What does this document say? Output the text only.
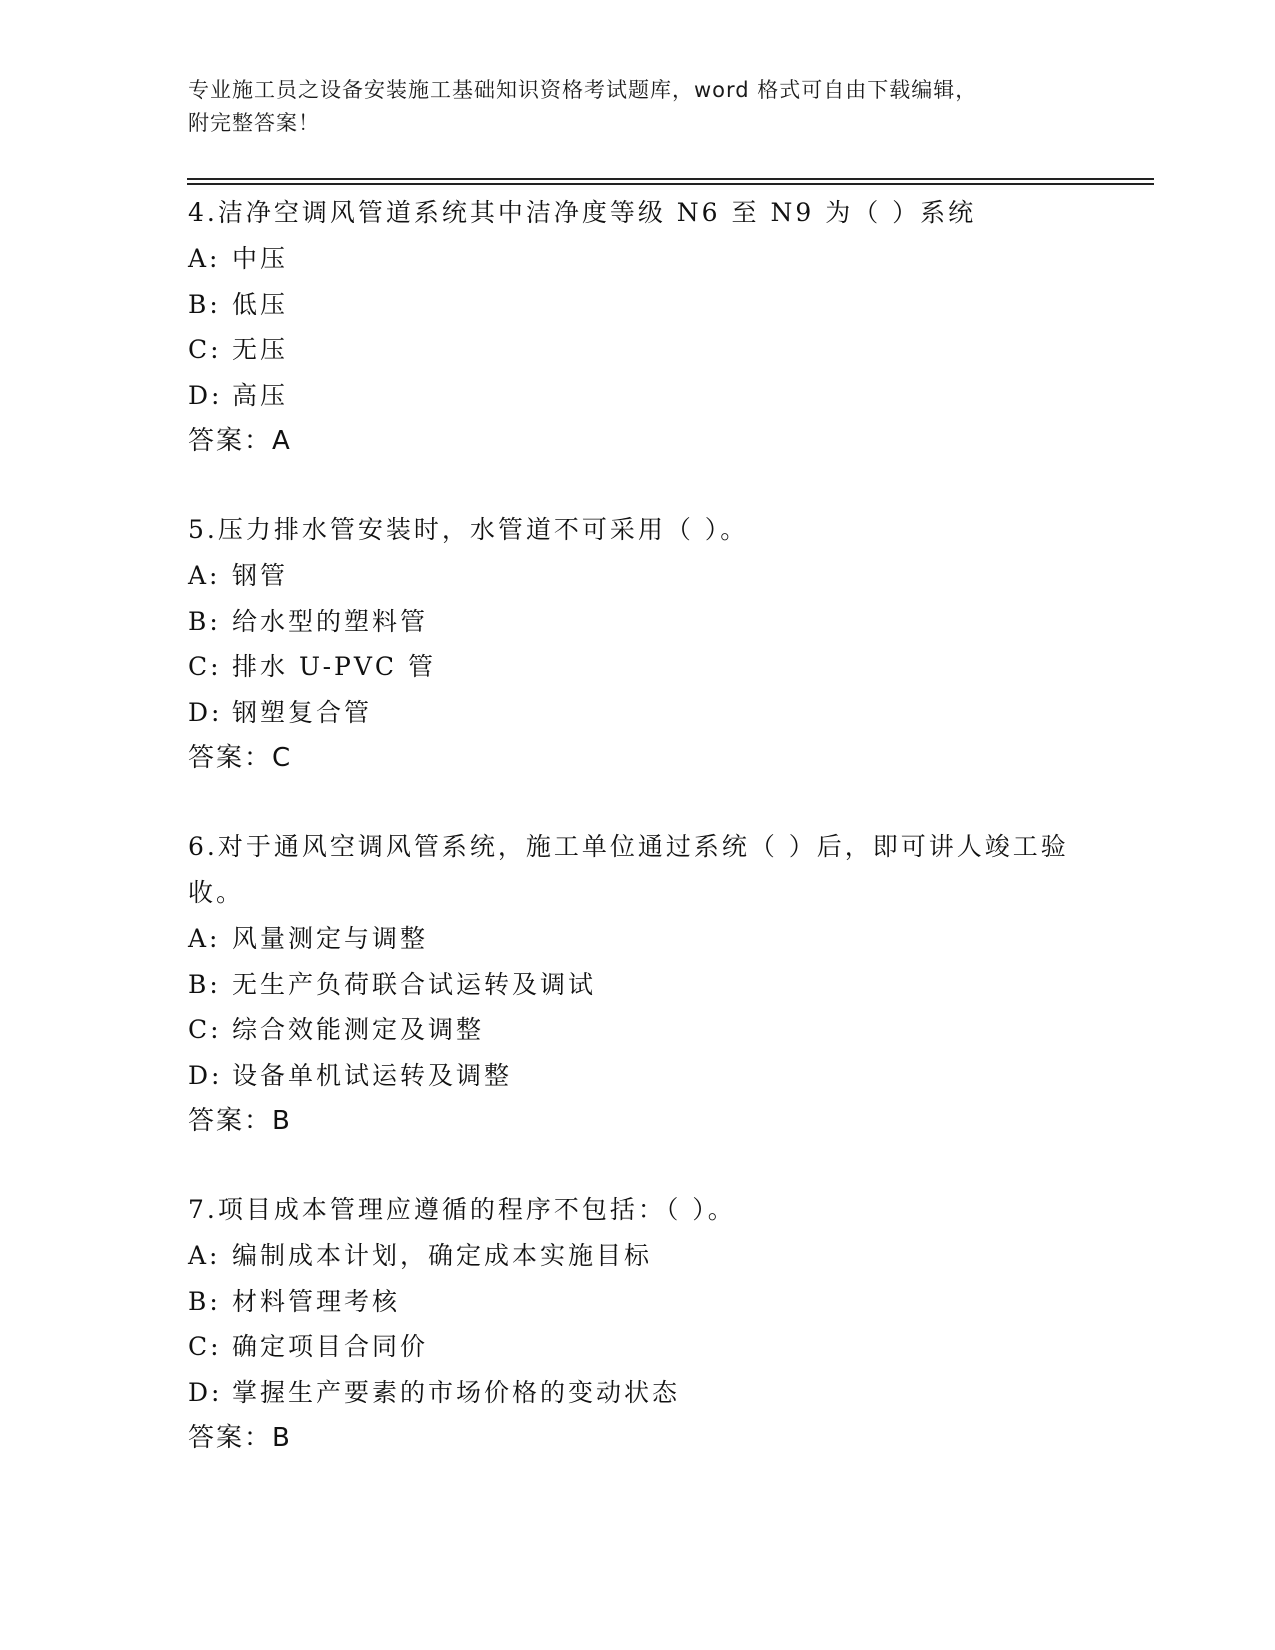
专业施工员之设备安装施工基础知识资格考试题库，word 格式可自由下载编辑，
附完整答案！

4.洁净空调风管道系统其中洁净度等级 N6 至 N9 为（ ）系统

A: 中压

B: 低压

C: 无压

D: 高压

答案：A

5.压力排水管安装时，水管道不可采用（ ）。

A: 钢管

B: 给水型的塑料管

C: 排水 U-PVC 管

D: 钢塑复合管

答案：C

6.对于通风空调风管系统，施工单位通过系统（ ）后，即可讲人竣工验收。

A: 风量测定与调整

B: 无生产负荷联合试运转及调试

C: 综合效能测定及调整

D: 设备单机试运转及调整

答案：B

7.项目成本管理应遵循的程序不包括：（ ）。

A: 编制成本计划，确定成本实施目标

B: 材料管理考核

C: 确定项目合同价

D: 掌握生产要素的市场价格的变动状态

答案：B
